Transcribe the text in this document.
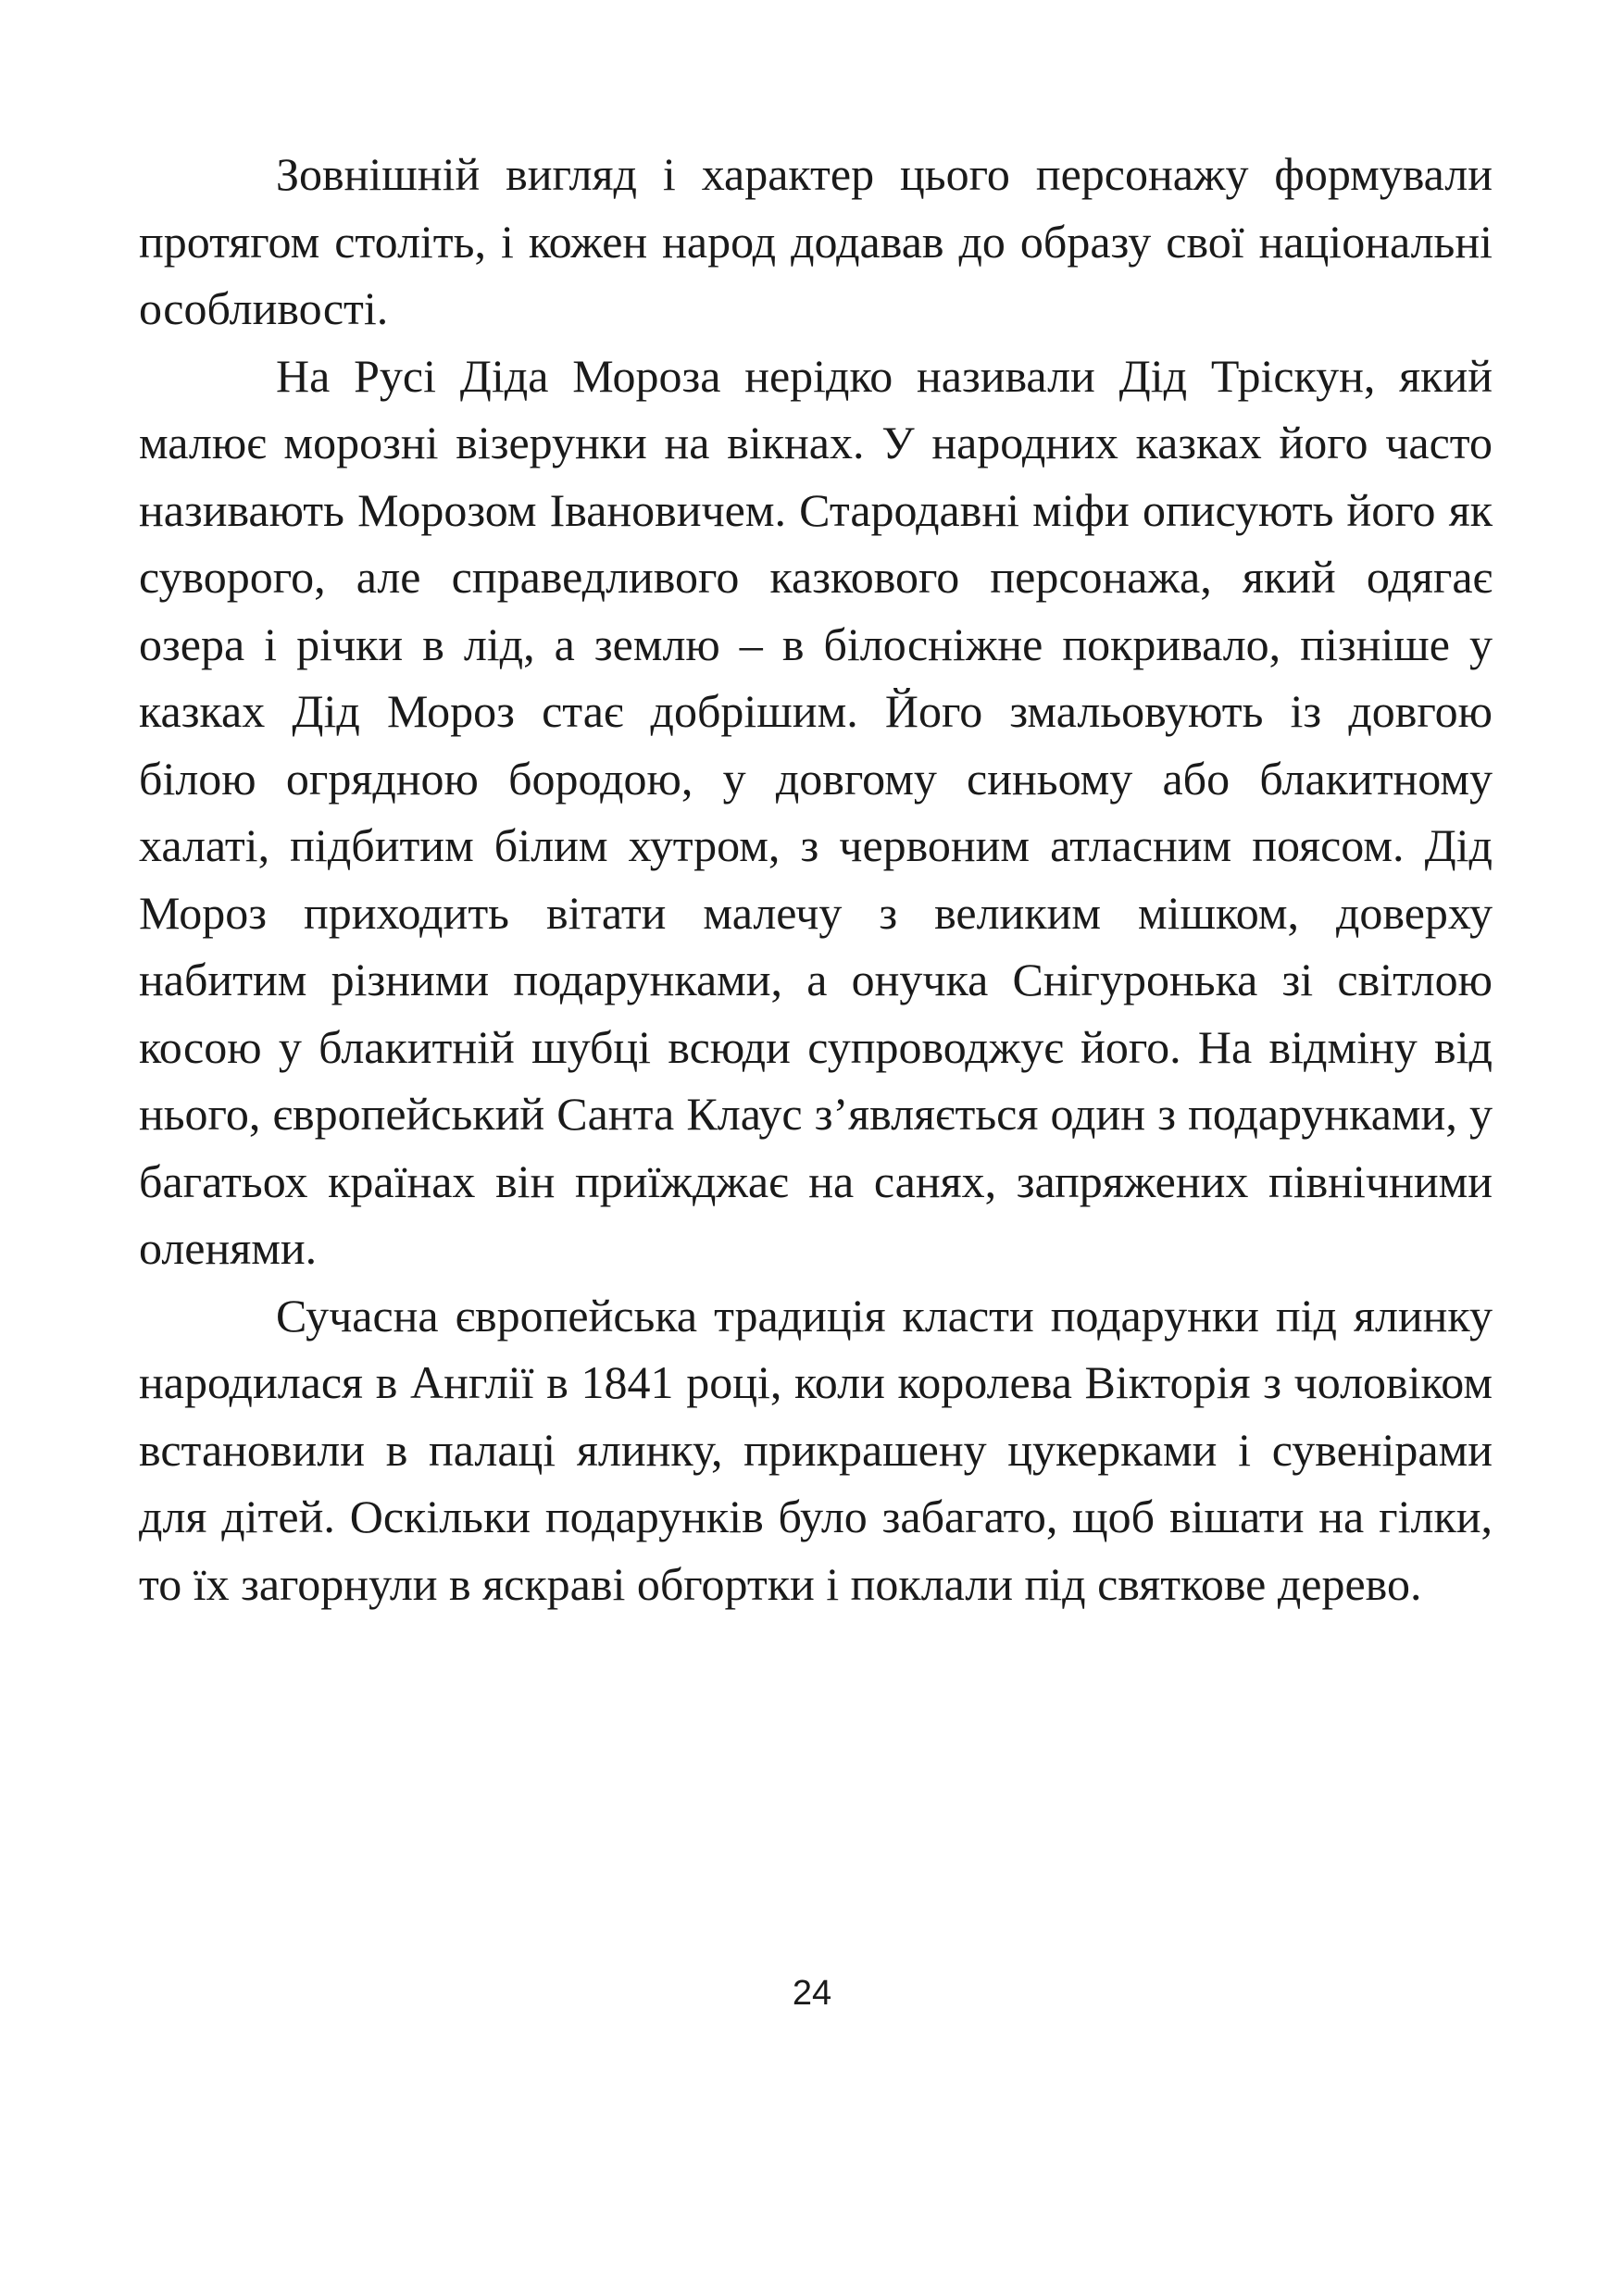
Зовнішній вигляд і характер цього персонажу формували протягом століть, і кожен народ додавав до образу свої національні особливості.

На Русі Діда Мороза нерідко називали Дід Тріскун, який малює морозні візерунки на вікнах. У народних казках його часто називають Морозом Івановичем. Стародавні міфи описують його як суворого, але справедливого казкового персонажа, який одягає озера і річки в лід, а землю – в білосніжне покривало, пізніше у казках Дід Мороз стає добрішим. Його змальовують із довгою білою огрядною бородою, у довгому синьому або блакитному халаті, підбитим білим хутром, з червоним атласним поясом. Дід Мороз приходить вітати малечу з великим мішком, доверху набитим різними подарунками, а онучка Снігуронька зі світлою косою у блакитній шубці всюди супроводжує його. На відміну від нього, європейський Санта Клаус з’являється один з подарунками, у багатьох країнах він приїжджає на санях, запряжених північними оленями.

Сучасна європейська традиція класти подарунки під ялинку народилася в Англії в 1841 році, коли королева Вікторія з чоловіком встановили в палаці ялинку, прикрашену цукерками і сувенірами для дітей. Оскільки подарунків було забагато, щоб вішати на гілки, то їх загорнули в яскраві обгортки і поклали під святкове дерево.

24
